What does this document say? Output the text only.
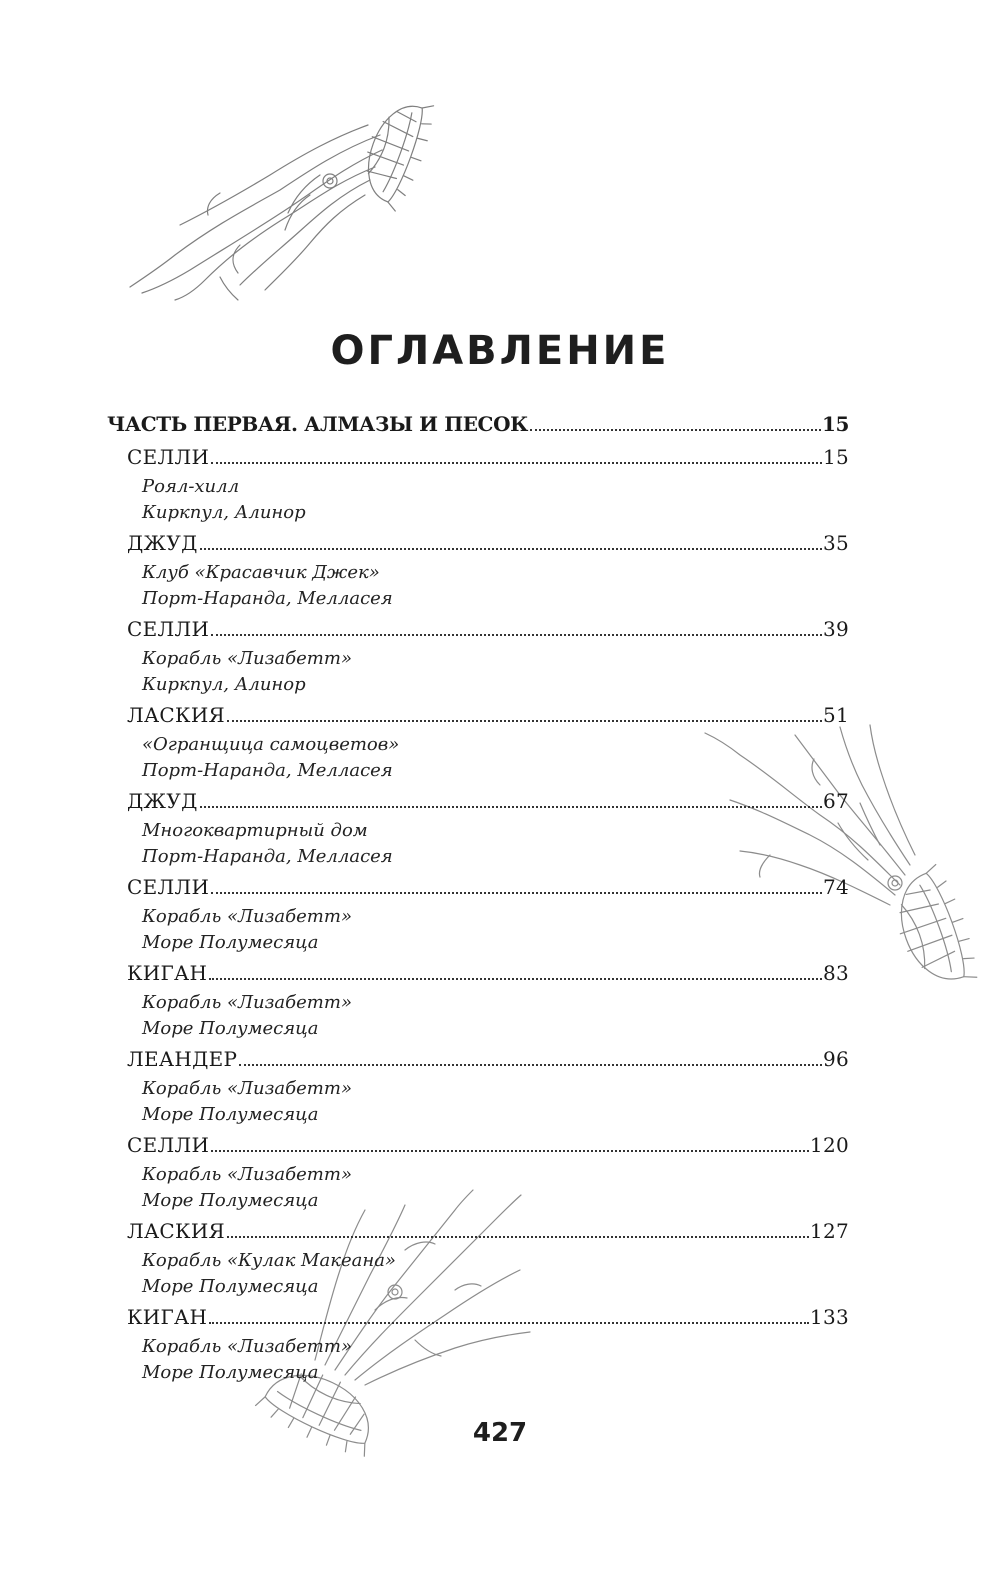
ОГЛАВЛЕНИЕ
ЧАСТЬ ПЕРВАЯ. АЛМАЗЫ И ПЕСОК	15
СЕЛЛИ	15
Роял-хилл
Киркпул, Алинор
ДЖУД	35
Клуб «Красавчик Джек»
Порт-Наранда, Мелласея
СЕЛЛИ	39
Корабль «Лизабетт»
Киркпул, Алинор
ЛАСКИЯ	51
«Огранщица самоцветов»
Порт-Наранда, Мелласея
ДЖУД	67
Многоквартирный дом
Порт-Наранда, Мелласея
СЕЛЛИ	74
Корабль «Лизабетт»
Море Полумесяца
КИГАН	83
Корабль «Лизабетт»
Море Полумесяца
ЛЕАНДЕР	96
Корабль «Лизабетт»
Море Полумесяца
СЕЛЛИ	120
Корабль «Лизабетт»
Море Полумесяца
ЛАСКИЯ	127
Корабль «Кулак Макеана»
Море Полумесяца
КИГАН	133
Корабль «Лизабетт»
Море Полумесяца
427
